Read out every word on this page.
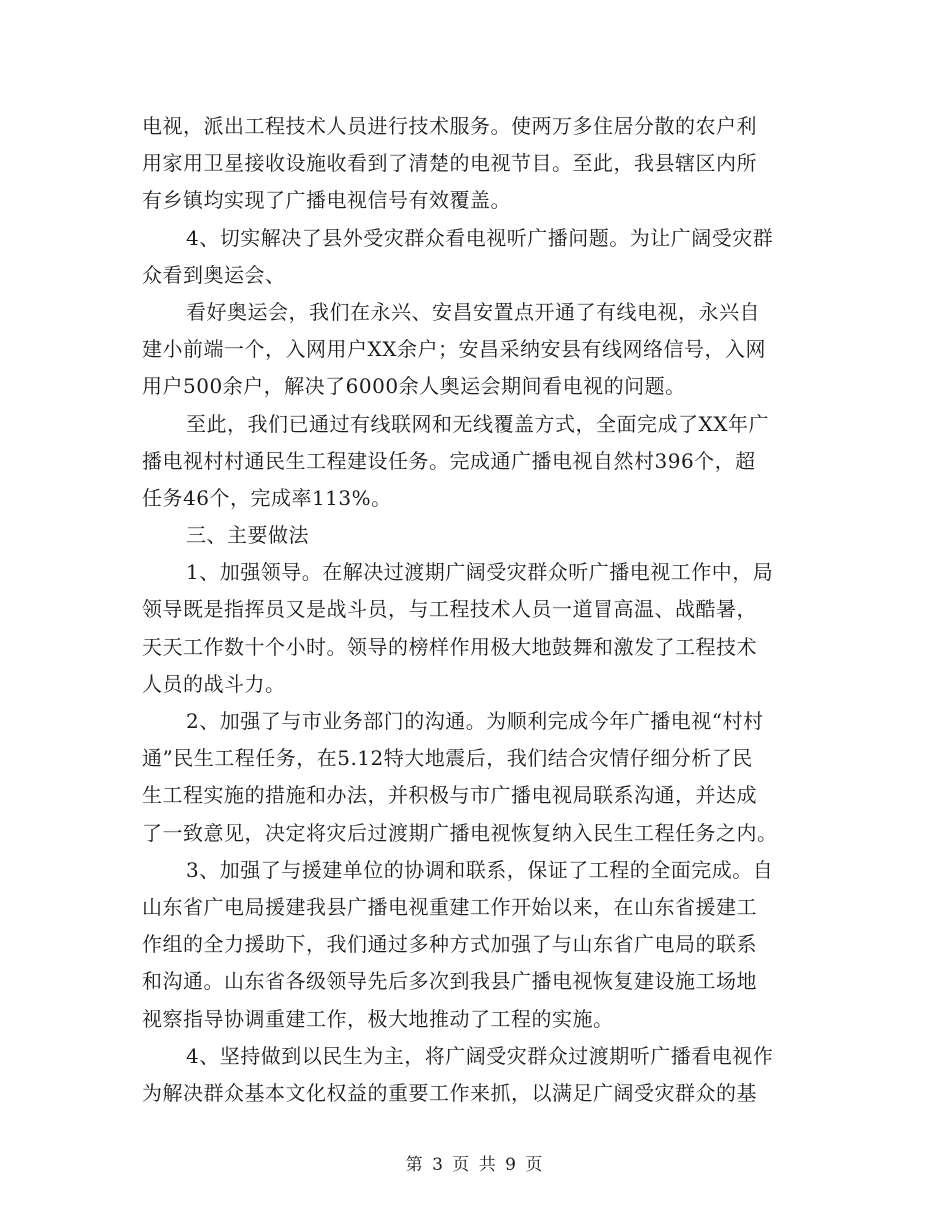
电视，派出工程技术人员进行技术服务。使两万多住居分散的农户利
用家用卫星接收设施收看到了清楚的电视节目。至此，我县辖区内所
有乡镇均实现了广播电视信号有效覆盖。
4、切实解决了县外受灾群众看电视听广播问题。为让广阔受灾群
众看到奥运会、
看好奥运会，我们在永兴、安昌安置点开通了有线电视，永兴自
建小前端一个，入网用户XX余户；安昌采纳安县有线网络信号，入网
用户500余户，解决了6000余人奥运会期间看电视的问题。
至此，我们已通过有线联网和无线覆盖方式，全面完成了XX年广
播电视村村通民生工程建设任务。完成通广播电视自然村396个，超
任务46个，完成率113%。
三、主要做法
1、加强领导。在解决过渡期广阔受灾群众听广播电视工作中，局
领导既是指挥员又是战斗员，与工程技术人员一道冒高温、战酷暑，
天天工作数十个小时。领导的榜样作用极大地鼓舞和激发了工程技术
人员的战斗力。
2、加强了与市业务部门的沟通。为顺利完成今年广播电视“村村
通”民生工程任务，在5.12特大地震后，我们结合灾情仔细分析了民
生工程实施的措施和办法，并积极与市广播电视局联系沟通，并达成
了一致意见，决定将灾后过渡期广播电视恢复纳入民生工程任务之内。
3、加强了与援建单位的协调和联系，保证了工程的全面完成。自
山东省广电局援建我县广播电视重建工作开始以来，在山东省援建工
作组的全力援助下，我们通过多种方式加强了与山东省广电局的联系
和沟通。山东省各级领导先后多次到我县广播电视恢复建设施工场地
视察指导协调重建工作，极大地推动了工程的实施。
4、坚持做到以民生为主，将广阔受灾群众过渡期听广播看电视作
为解决群众基本文化权益的重要工作来抓，以满足广阔受灾群众的基
第 3 页 共 9 页
